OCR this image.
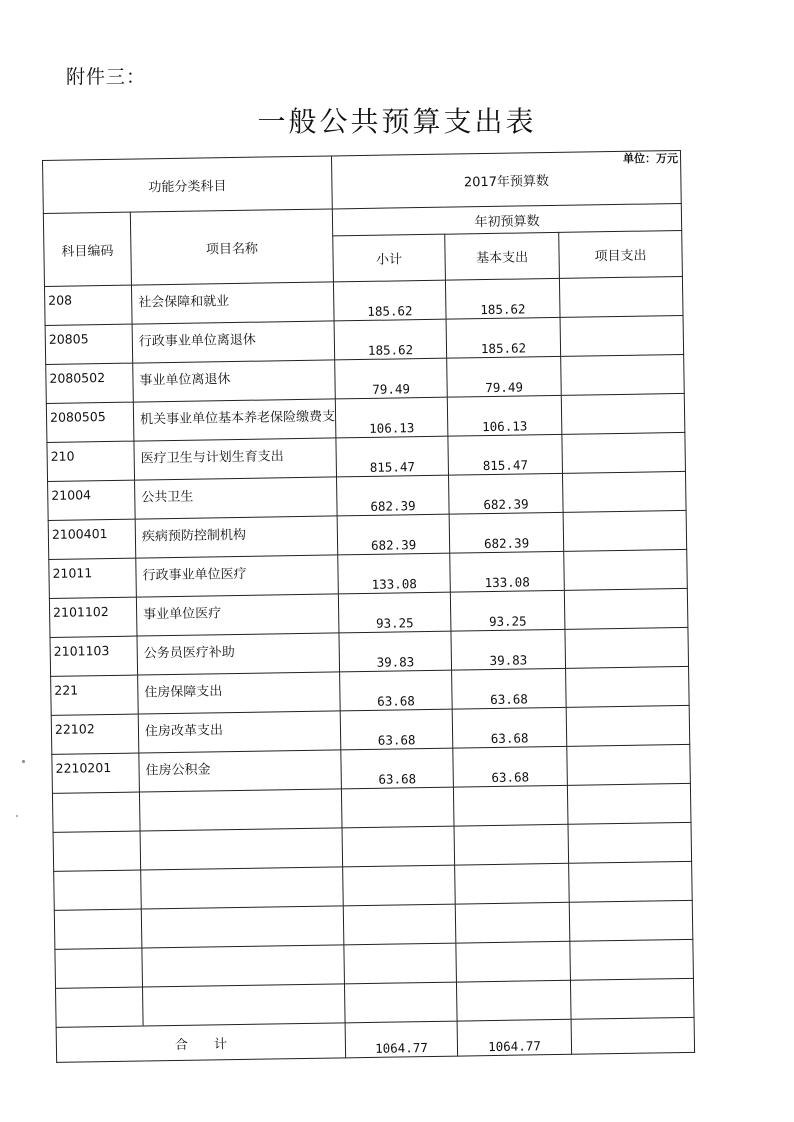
附件三：
一般公共预算支出表
单位：万元
功能分类科目		2017年预算数		
科目编码	项目名称	年初预算数		
		小计	基本支出	项目支出
208	社会保障和就业	185.62	185.62	
20805	行政事业单位离退休	185.62	185.62	
2080502	事业单位离退休	79.49	79.49	
2080505	机关事业单位基本养老保险缴费支	106.13	106.13	
210	医疗卫生与计划生育支出	815.47	815.47	
21004	公共卫生	682.39	682.39	
2100401	疾病预防控制机构	682.39	682.39	
21011	行政事业单位医疗	133.08	133.08	
2101102	事业单位医疗	93.25	93.25	
2101103	公务员医疗补助	39.83	39.83	
221	住房保障支出	63.68	63.68	
22102	住房改革支出	63.68	63.68	
2210201	住房公积金	63.68	63.68	

合计		1064.77	1064.77	
